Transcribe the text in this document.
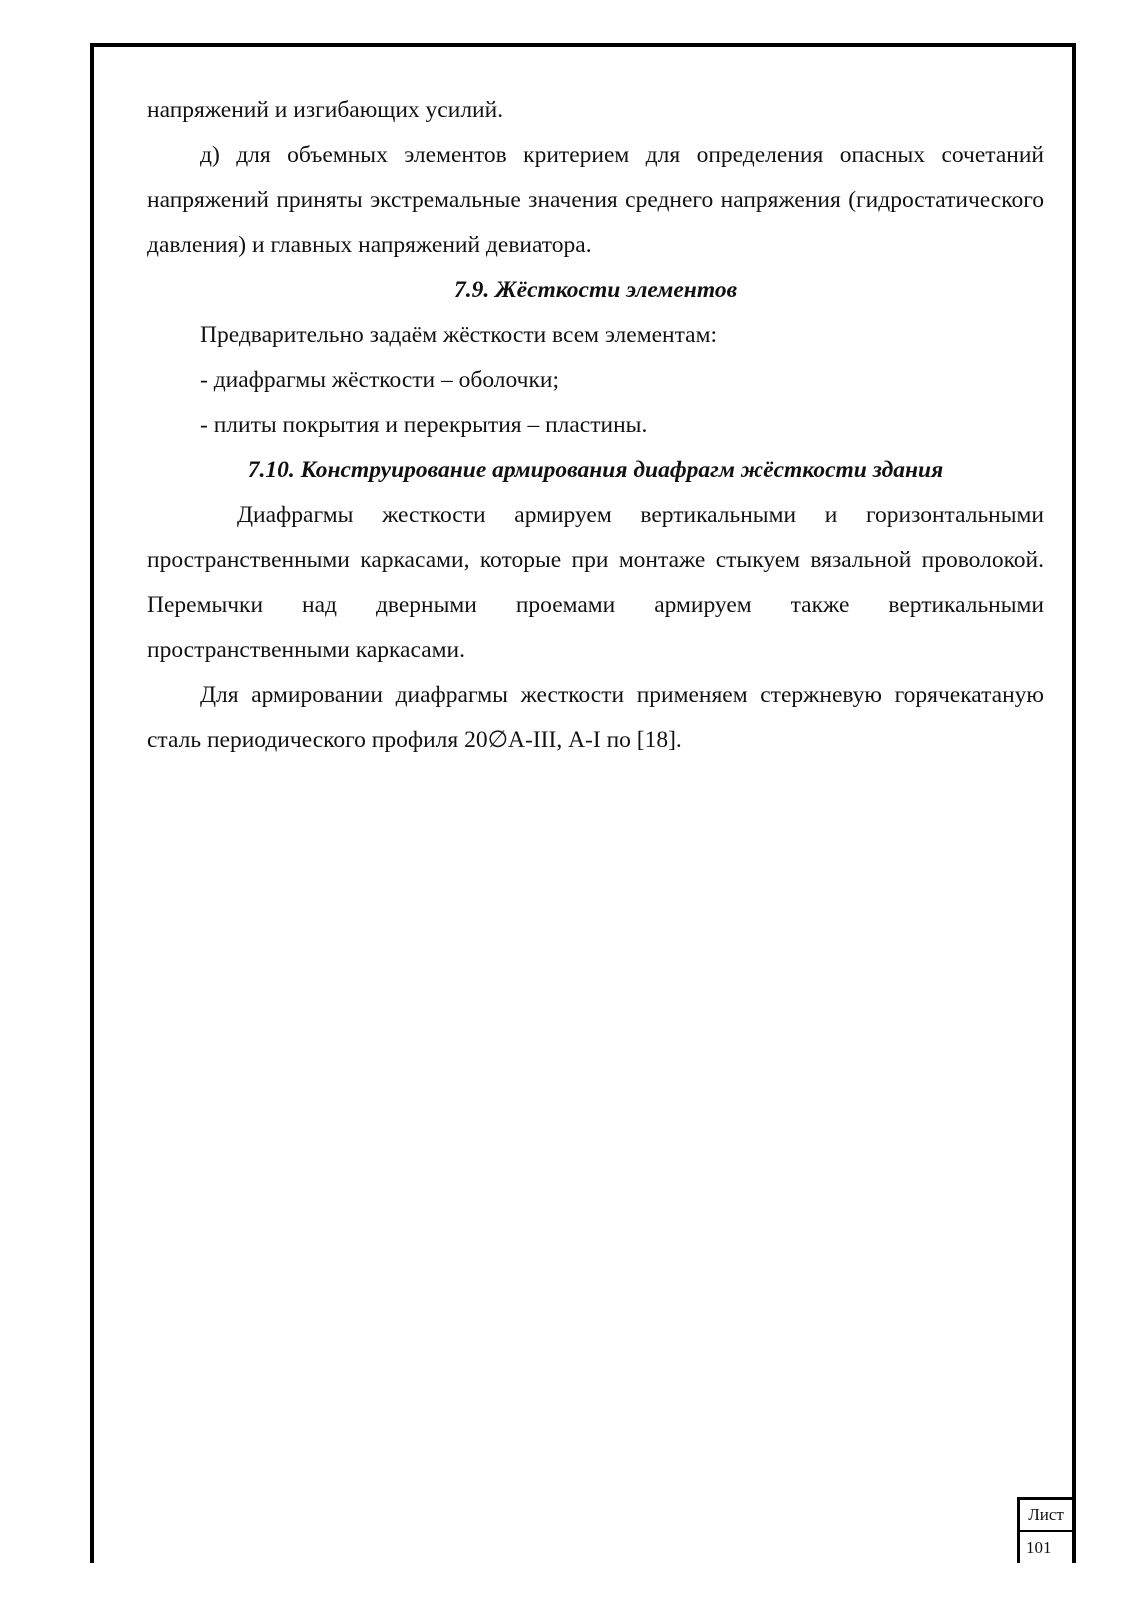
напряжений и изгибающих усилий.

д) для объемных элементов критерием для определения опасных сочетаний напряжений приняты экстремальные значения среднего напряжения (гидростатического давления) и главных напряжений девиатора.

7.9. Жёсткости элементов

Предварительно задаём жёсткости всем элементам:

- диафрагмы жёсткости – оболочки;

- плиты покрытия и перекрытия – пластины.

7.10. Конструирование армирования диафрагм жёсткости здания

Диафрагмы жесткости армируем вертикальными и горизонтальными пространственными каркасами, которые при монтаже стыкуем вязальной проволокой. Перемычки над дверными проемами армируем также вертикальными пространственными каркасами.

Для армировании диафрагмы жесткости применяем стержневую горячекатаную сталь периодического профиля 20∅А-III, А-I по [18].

Лист
101
